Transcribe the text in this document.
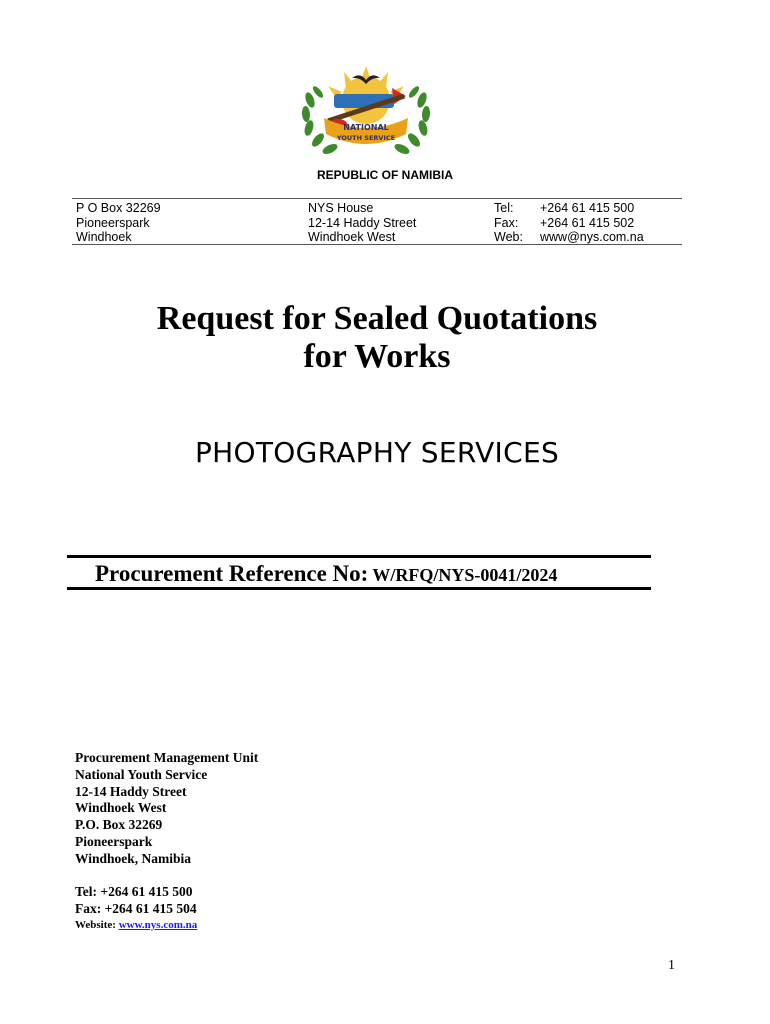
NATIONAL
YOUTH SERVICE
REPUBLIC OF NAMIBIA
P O Box 32269
Pioneerspark
Windhoek
NYS House
12-14 Haddy Street
Windhoek West
Tel:
Fax:
Web:
+264 61 415 500
+264 61 415 502
www@nys.com.na
Request for Sealed Quotations
for Works
PHOTOGRAPHY SERVICES
Procurement Reference No: W/RFQ/NYS-0041/2024
Procurement Management Unit
National Youth Service
12-14 Haddy Street
Windhoek West
P.O. Box 32269
Pioneerspark
Windhoek, Namibia
Tel: +264 61 415 500
Fax: +264 61 415 504
Website: www.nys.com.na
1
